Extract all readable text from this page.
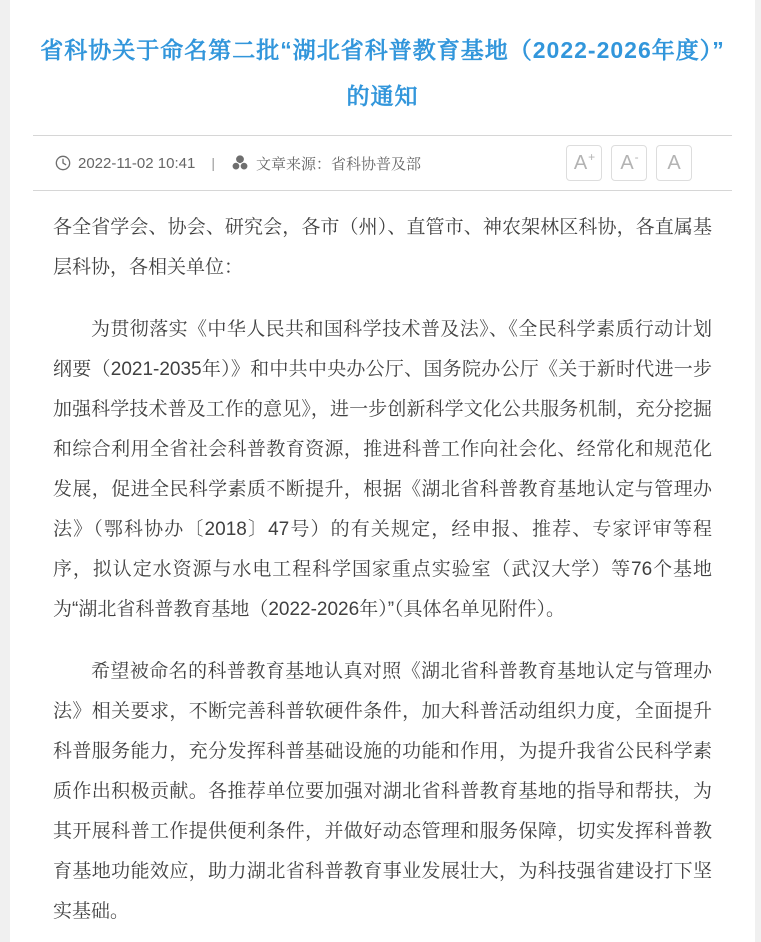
省科协关于命名第二批“湖北省科普教育基地（2022-2026年度）”
的通知
2022-11-02 10:41 |	文章来源：省科协普及部	A + A - A

各全省学会、协会、研究会，各市（州）、直管市、神农架林区科协，各直属基层科协，各相关单位：

为贯彻落实《中华人民共和国科学技术普及法》、《全民科学素质行动计划纲要（2021-2035年）》和中共中央办公厅、国务院办公厅《关于新时代进一步加强科学技术普及工作的意见》，进一步创新科学文化公共服务机制，充分挖掘和综合利用全省社会科普教育资源，推进科普工作向社会化、经常化和规范化发展，促进全民科学素质不断提升，根据《湖北省科普教育基地认定与管理办法》（鄂科协办〔2018〕47号）的有关规定，经申报、推荐、专家评审等程序，拟认定水资源与水电工程科学国家重点实验室（武汉大学）等76个基地为“湖北省科普教育基地（2022-2026年）”（具体名单见附件）。

希望被命名的科普教育基地认真对照《湖北省科普教育基地认定与管理办法》相关要求，不断完善科普软硬件条件，加大科普活动组织力度，全面提升科普服务能力，充分发挥科普基础设施的功能和作用，为提升我省公民科学素质作出积极贡献。各推荐单位要加强对湖北省科普教育基地的指导和帮扶，为其开展科普工作提供便利条件，并做好动态管理和服务保障，切实发挥科普教育基地功能效应，助力湖北省科普教育事业发展壮大，为科技强省建设打下坚实基础。
